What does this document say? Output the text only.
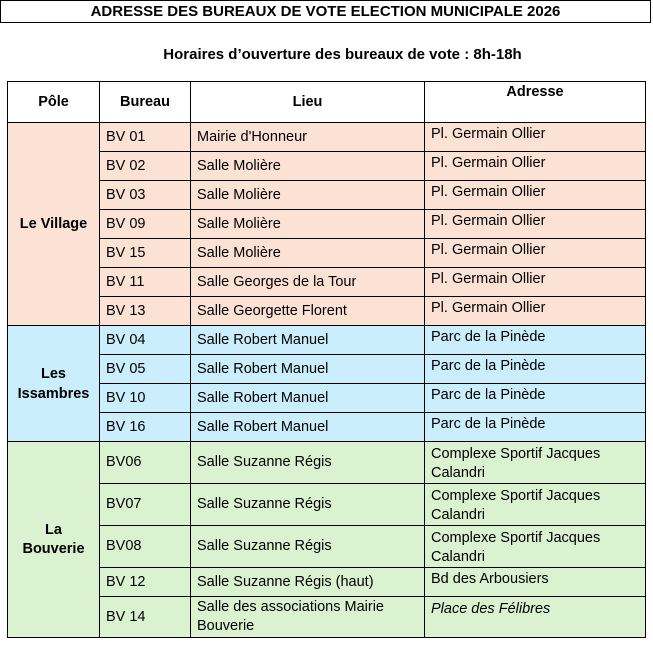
ADRESSE DES BUREAUX DE VOTE ELECTION MUNICIPALE 2026
Horaires d’ouverture des bureaux de vote : 8h-18h
Pôle	Bureau	Lieu	Adresse
Le Village	BV 01	Mairie d'Honneur	Pl. Germain Ollier
	BV 02	Salle Molière	Pl. Germain Ollier
	BV 03	Salle Molière	Pl. Germain Ollier
	BV 09	Salle Molière	Pl. Germain Ollier
	BV 15	Salle Molière	Pl. Germain Ollier
	BV 11	Salle Georges de la Tour	Pl. Germain Ollier
	BV 13	Salle Georgette Florent	Pl. Germain Ollier
Les
Issambres	BV 04	Salle Robert Manuel	Parc de la Pinède
	BV 05	Salle Robert Manuel	Parc de la Pinède
	BV 10	Salle Robert Manuel	Parc de la Pinède
	BV 16	Salle Robert Manuel	Parc de la Pinède
La
Bouverie	BV06	Salle Suzanne Régis	Complexe Sportif Jacques Calandri
	BV07	Salle Suzanne Régis	Complexe Sportif Jacques Calandri
	BV08	Salle Suzanne Régis	Complexe Sportif Jacques Calandri
	BV 12	Salle Suzanne Régis (haut)	Bd des Arbousiers
	BV 14	Salle des associations Mairie Bouverie	Place des Félibres
